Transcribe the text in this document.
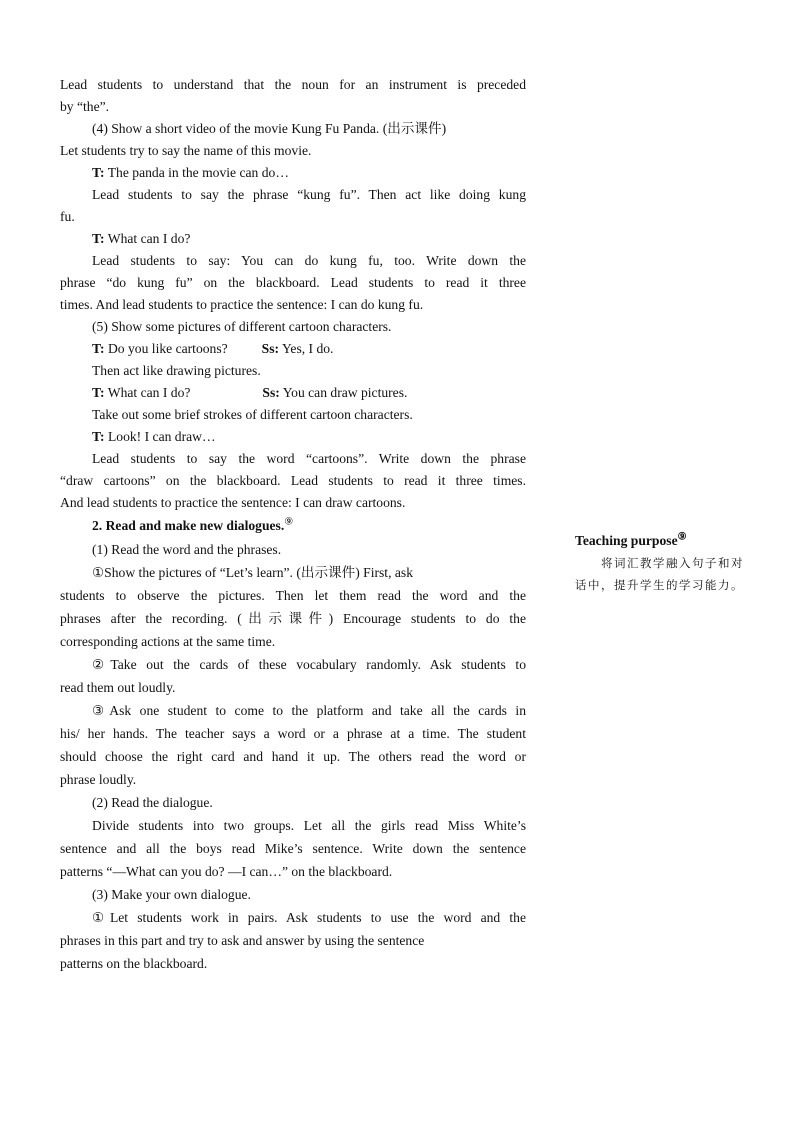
Lead students to understand that the noun for an instrument is preceded
by “the”.
(4) Show a short video of the movie Kung Fu Panda. (出示课件)
Let students try to say the name of this movie.
T: The panda in the movie can do…
Lead students to say the phrase “kung fu”. Then act like doing kung
fu.
T: What can I do?
Lead students to say: You can do kung fu, too. Write down the
phrase “do kung fu” on the blackboard. Lead students to read it three
times. And lead students to practice the sentence: I can do kung fu.
(5) Show some pictures of different cartoon characters.
T: Do you like cartoons?	Ss: Yes, I do.
Then act like drawing pictures.
T: What can I do?	Ss: You can draw pictures.
Take out some brief strokes of different cartoon characters.
T: Look! I can draw…
Lead students to say the word “cartoons”. Write down the phrase
“draw cartoons” on the blackboard. Lead students to read it three times.
And lead students to practice the sentence: I can draw cartoons.
2. Read and make new dialogues.⑨
(1) Read the word and the phrases.
①Show the pictures of “Let’s learn”. (出示课件) First, ask
students to observe the pictures. Then let them read the word and the
phrases after the recording. (出示课件) Encourage students to do the
corresponding actions at the same time.
②Take out the cards of these vocabulary randomly. Ask students to
read them out loudly.
③Ask one student to come to the platform and take all the cards in
his/ her hands. The teacher says a word or a phrase at a time. The student
should choose the right card and hand it up. The others read the word or
phrase loudly.
(2) Read the dialogue.
Divide students into two groups. Let all the girls read Miss White’s
sentence and all the boys read Mike’s sentence. Write down the sentence
patterns “—What can you do? —I can…” on the blackboard.
(3) Make your own dialogue.
①Let students work in pairs. Ask students to use the word and the
phrases in this part and try to ask and answer by using the sentence
patterns on the blackboard.
Teaching purpose⑨
将词汇教学融入句子和对话中，提升学生的学习能力。
